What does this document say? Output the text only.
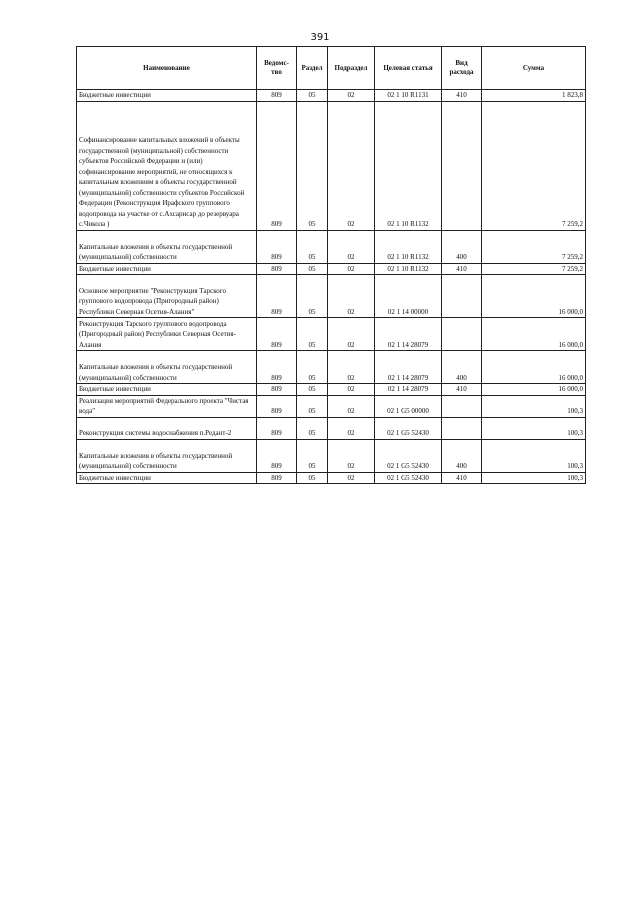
391
Наименование	Ведомс-тво	Раздел	Подраздел	Целевая статья	Вид расхода	Сумма
Бюджетные инвестиции	809	05	02	02 1 10 R1131	410	1 823,8
Софинансирование капитальных вложений в объекты государственной (муниципальной) собственности субъектов Российской Федерации и (или) софинансирование мероприятий, не относящихся к капитальным вложениям в объекты государственной (муниципальной) собственности субъектов Российской Федерации (Реконструкция Ирафского группового водопровода на участке от с.Ахсарисар до резервуара с.Чикола )	809	05	02	02 1 10 R1132		7 259,2
Капитальные вложения в объекты государственной (муниципальной) собственности	809	05	02	02 1 10 R1132	400	7 259,2
Бюджетные инвестиции	809	05	02	02 1 10 R1132	410	7 259,2
Основное мероприятие "Реконструкция Тарского группового водопровода (Пригородный район) Республики Северная Осетия-Алания"	809	05	02	02 1 14 00000		16 000,0
Реконструкция Тарского группового водопровода (Пригородный район) Республики Северная Осетия-Алания	809	05	02	02 1 14 28079		16 000,0
Капитальные вложения в объекты государственной (муниципальной) собственности	809	05	02	02 1 14 28079	400	16 000,0
Бюджетные инвестиции	809	05	02	02 1 14 28079	410	16 000,0
Реализация мероприятий Федерального проекта "Чистая вода"	809	05	02	02 1 G5 00000		100,3
Реконструкция системы водоснабжения п.Редант-2	809	05	02	02 1 G5 52430		100,3
Капитальные вложения в объекты государственной (муниципальной) собственности	809	05	02	02 1 G5 52430	400	100,3
Бюджетные инвестиции	809	05	02	02 1 G5 52430	410	100,3
